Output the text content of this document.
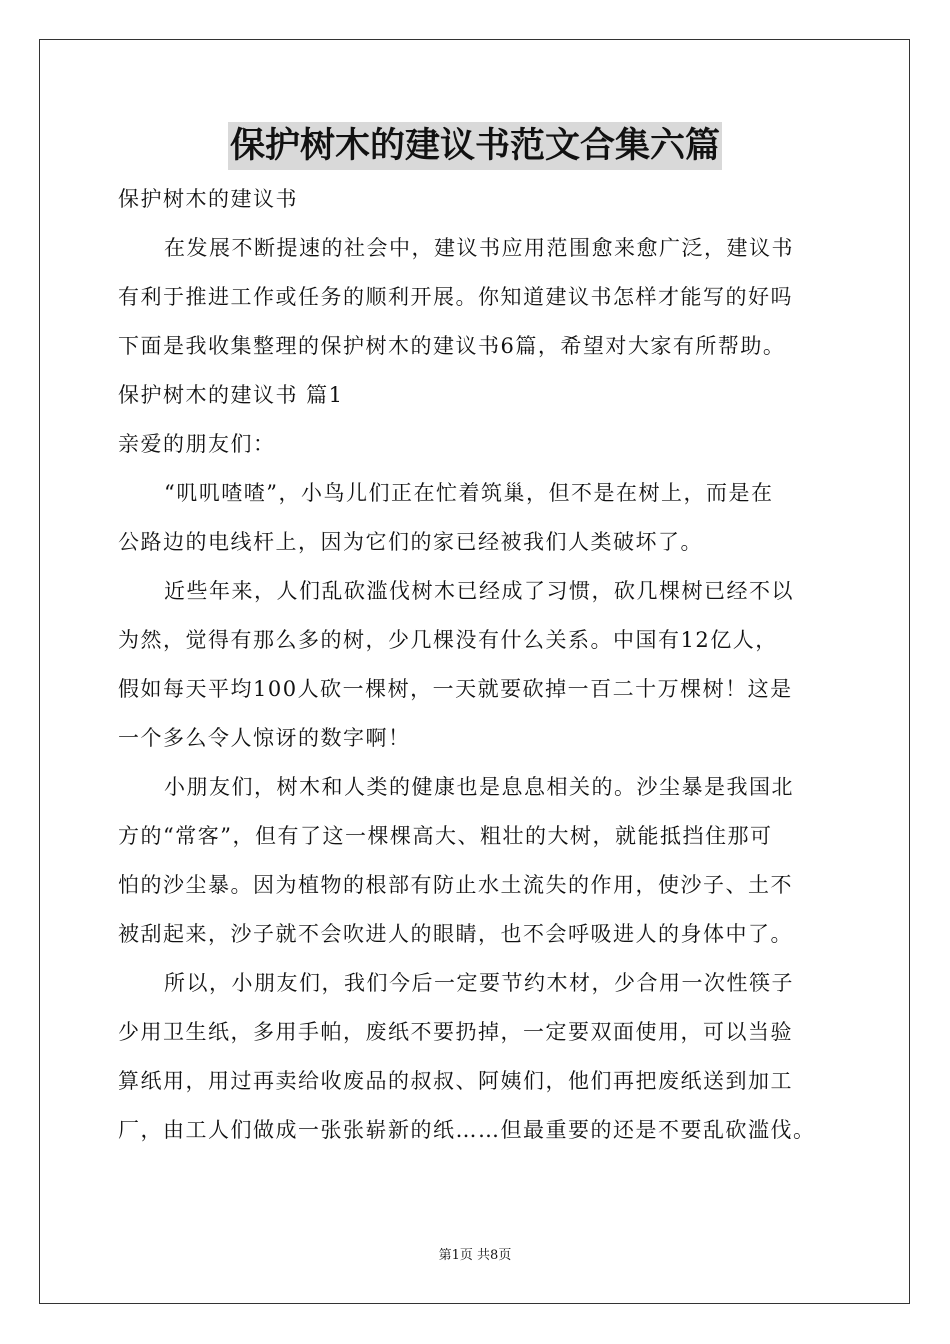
保护树木的建议书范文合集六篇
保护树木的建议书
在发展不断提速的社会中，建议书应用范围愈来愈广泛，建议书
有利于推进工作或任务的顺利开展。你知道建议书怎样才能写的好吗
下面是我收集整理的保护树木的建议书6篇，希望对大家有所帮助。
保护树木的建议书 篇1
亲爱的朋友们：
“叽叽喳喳”，小鸟儿们正在忙着筑巢，但不是在树上，而是在
公路边的电线杆上，因为它们的家已经被我们人类破坏了。
近些年来，人们乱砍滥伐树木已经成了习惯，砍几棵树已经不以
为然，觉得有那么多的树，少几棵没有什么关系。中国有12亿人，
假如每天平均100人砍一棵树，一天就要砍掉一百二十万棵树！这是
一个多么令人惊讶的数字啊！
小朋友们，树木和人类的健康也是息息相关的。沙尘暴是我国北
方的“常客”，但有了这一棵棵高大、粗壮的大树，就能抵挡住那可
怕的沙尘暴。因为植物的根部有防止水土流失的作用，使沙子、土不
被刮起来，沙子就不会吹进人的眼睛，也不会呼吸进人的身体中了。
所以，小朋友们，我们今后一定要节约木材，少合用一次性筷子
少用卫生纸，多用手帕，废纸不要扔掉，一定要双面使用，可以当验
算纸用，用过再卖给收废品的叔叔、阿姨们，他们再把废纸送到加工
厂，由工人们做成一张张崭新的纸……但最重要的还是不要乱砍滥伐。
第1页 共8页
